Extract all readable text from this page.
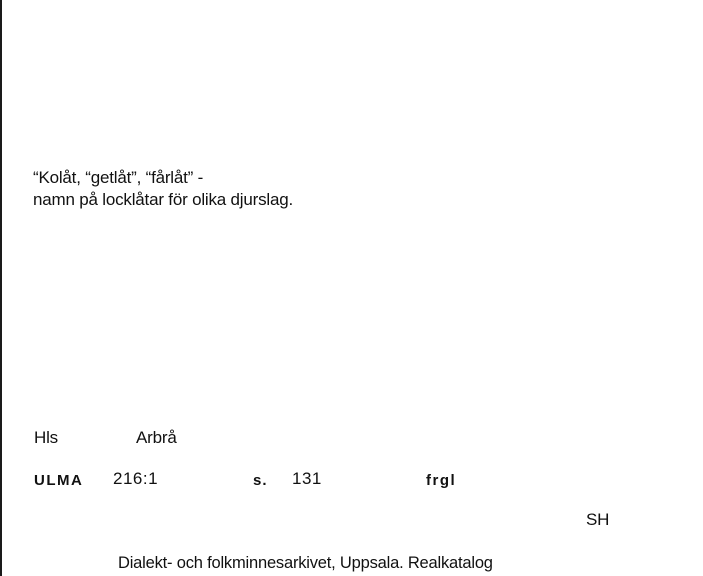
“Kolåt, “getlåt”, “fårlåt” -
namn på locklåtar för olika djurslag.
Hls	Arbrå
ULMA 216:1	s. 131	frgl
SH
Dialekt- och folkminnesarkivet, Uppsala. Realkatalog
